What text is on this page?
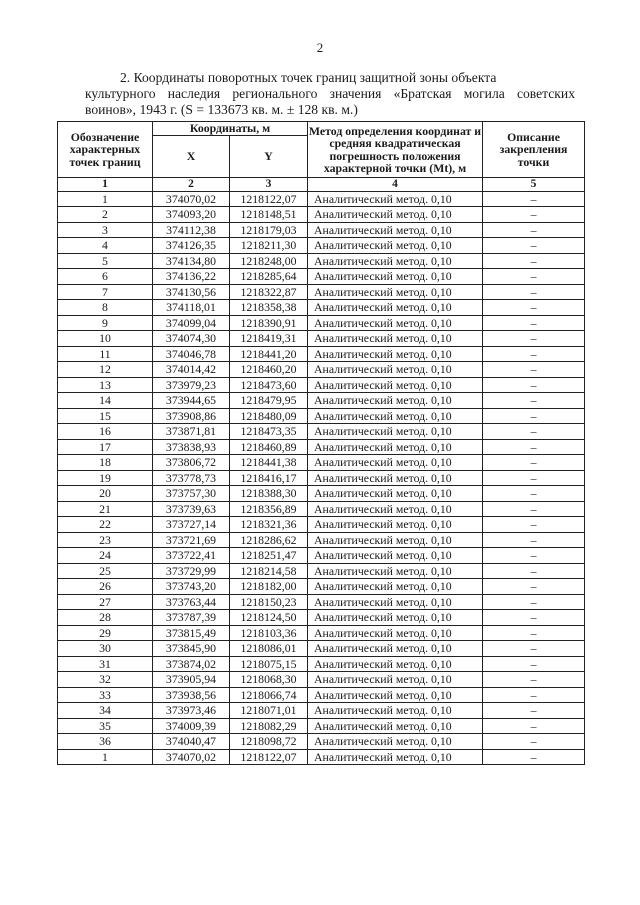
2

2. Координаты поворотных точек границ защитной зоны объекта

культурного наследия регионального значения «Братская могила советских воинов», 1943 г. (S = 133673 кв. м. ± 128 кв. м.)

Обозначение характерных точек границ	Координаты, м		Метод определения координат и средняя квадратическая погрешность положения характерной точки (Мt), м	Описание закрепления точки
	X	Y		
1	2	3	4	5
1	374070,02	1218122,07	Аналитический метод. 0,10	–
2	374093,20	1218148,51	Аналитический метод. 0,10	–
3	374112,38	1218179,03	Аналитический метод. 0,10	–
4	374126,35	1218211,30	Аналитический метод. 0,10	–
5	374134,80	1218248,00	Аналитический метод. 0,10	–
6	374136,22	1218285,64	Аналитический метод. 0,10	–
7	374130,56	1218322,87	Аналитический метод. 0,10	–
8	374118,01	1218358,38	Аналитический метод. 0,10	–
9	374099,04	1218390,91	Аналитический метод. 0,10	–
10	374074,30	1218419,31	Аналитический метод. 0,10	–
11	374046,78	1218441,20	Аналитический метод. 0,10	–
12	374014,42	1218460,20	Аналитический метод. 0,10	–
13	373979,23	1218473,60	Аналитический метод. 0,10	–
14	373944,65	1218479,95	Аналитический метод. 0,10	–
15	373908,86	1218480,09	Аналитический метод. 0,10	–
16	373871,81	1218473,35	Аналитический метод. 0,10	–
17	373838,93	1218460,89	Аналитический метод. 0,10	–
18	373806,72	1218441,38	Аналитический метод. 0,10	–
19	373778,73	1218416,17	Аналитический метод. 0,10	–
20	373757,30	1218388,30	Аналитический метод. 0,10	–
21	373739,63	1218356,89	Аналитический метод. 0,10	–
22	373727,14	1218321,36	Аналитический метод. 0,10	–
23	373721,69	1218286,62	Аналитический метод. 0,10	–
24	373722,41	1218251,47	Аналитический метод. 0,10	–
25	373729,99	1218214,58	Аналитический метод. 0,10	–
26	373743,20	1218182,00	Аналитический метод. 0,10	–
27	373763,44	1218150,23	Аналитический метод. 0,10	–
28	373787,39	1218124,50	Аналитический метод. 0,10	–
29	373815,49	1218103,36	Аналитический метод. 0,10	–
30	373845,90	1218086,01	Аналитический метод. 0,10	–
31	373874,02	1218075,15	Аналитический метод. 0,10	–
32	373905,94	1218068,30	Аналитический метод. 0,10	–
33	373938,56	1218066,74	Аналитический метод. 0,10	–
34	373973,46	1218071,01	Аналитический метод. 0,10	–
35	374009,39	1218082,29	Аналитический метод. 0,10	–
36	374040,47	1218098,72	Аналитический метод. 0,10	–
1	374070,02	1218122,07	Аналитический метод. 0,10	–
